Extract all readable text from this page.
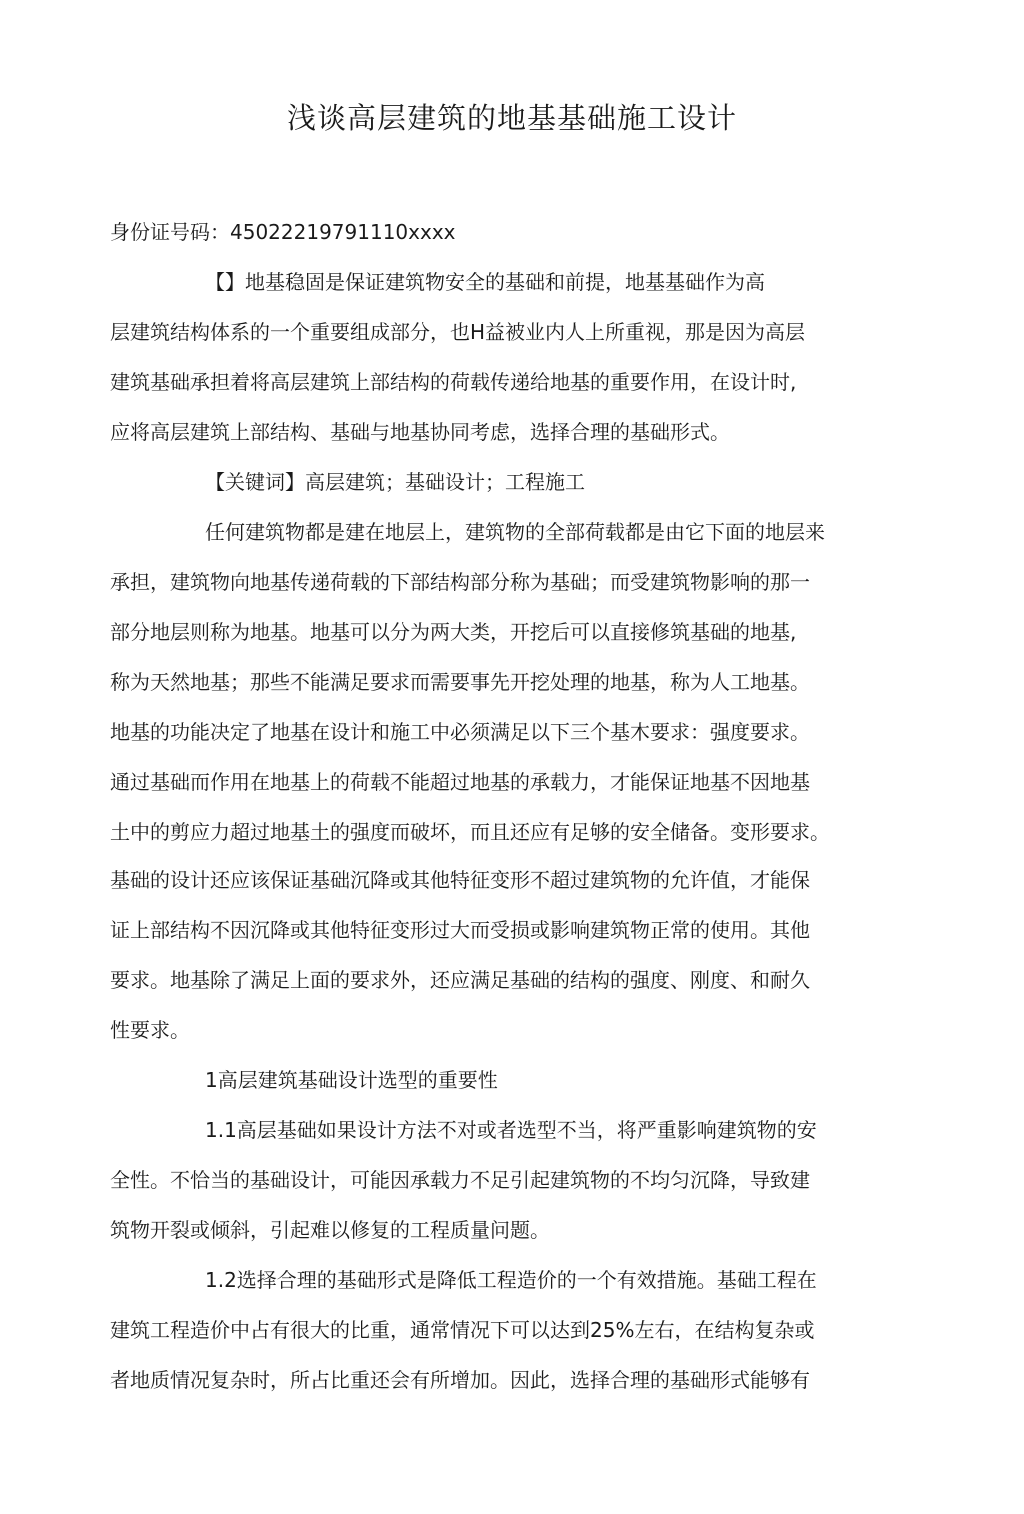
浅谈高层建筑的地基基础施工设计

身份证号码：45022219791110xxxx

【】地基稳固是保证建筑物安全的基础和前提，地基基础作为高

层建筑结构体系的一个重要组成部分，也H益被业内人上所重视，那是因为高层

建筑基础承担着将高层建筑上部结构的荷载传递给地基的重要作用，在设计时,

应将高层建筑上部结构、基础与地基协同考虑，选择合理的基础形式。

【关键词】高层建筑；基础设计；工程施工

任何建筑物都是建在地层上，建筑物的全部荷载都是由它下面的地层来

承担，建筑物向地基传递荷载的下部结构部分称为基础；而受建筑物影响的那一

部分地层则称为地基。地基可以分为两大类，开挖后可以直接修筑基础的地基,

称为天然地基；那些不能满足要求而需要事先开挖处理的地基，称为人工地基。

地基的功能决定了地基在设计和施工中必须满足以下三个基木要求：强度要求。

通过基础而作用在地基上的荷载不能超过地基的承载力，才能保证地基不因地基

土中的剪应力超过地基土的强度而破坏，而且还应有足够的安全储备。变形要求。

基础的设计还应该保证基础沉降或其他特征变形不超过建筑物的允许值，才能保

证上部结构不因沉降或其他特征变形过大而受损或影响建筑物正常的使用。其他

要求。地基除了满足上面的要求外，还应满足基础的结构的强度、刚度、和耐久

性要求。

1高层建筑基础设计选型的重要性

1.1高层基础如果设计方法不对或者选型不当，将严重影响建筑物的安

全性。不恰当的基础设计，可能因承载力不足引起建筑物的不均匀沉降，导致建

筑物开裂或倾斜，引起难以修复的工程质量问题。

1.2选择合理的基础形式是降低工程造价的一个有效措施。基础工程在

建筑工程造价中占有很大的比重，通常情况下可以达到25%左右，在结构复杂或

者地质情况复杂时，所占比重还会有所增加。因此，选择合理的基础形式能够有
